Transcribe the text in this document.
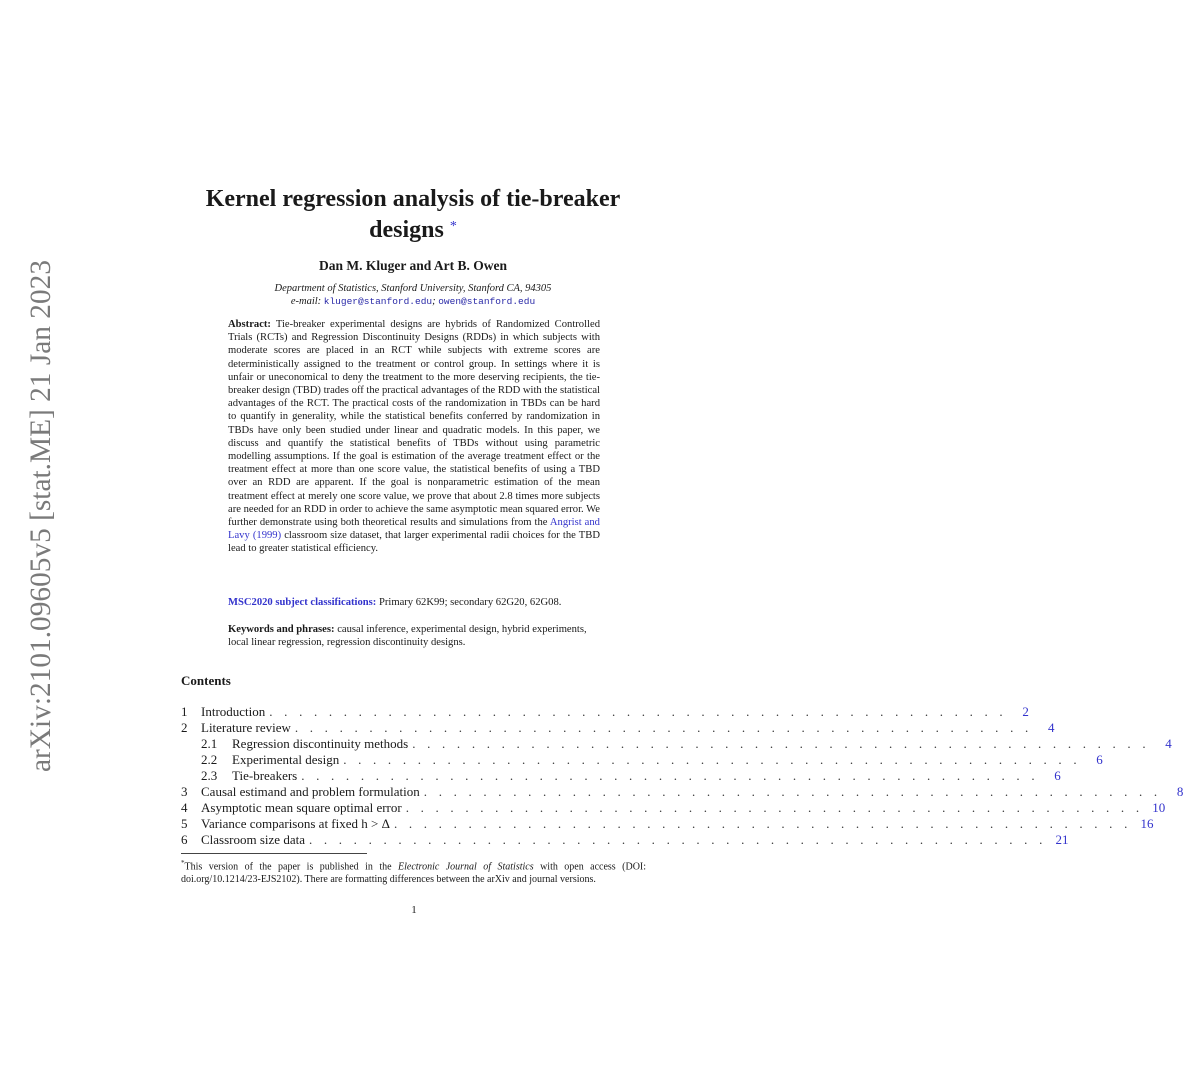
arXiv:2101.09605v5 [stat.ME] 21 Jan 2023
Kernel regression analysis of tie-breaker
designs *
Dan M. Kluger and Art B. Owen
Department of Statistics, Stanford University, Stanford CA, 94305
e-mail: kluger@stanford.edu; owen@stanford.edu
Abstract: Tie-breaker experimental designs are hybrids of Randomized Controlled Trials (RCTs) and Regression Discontinuity Designs (RDDs) in which subjects with moderate scores are placed in an RCT while subjects with extreme scores are deterministically assigned to the treatment or control group. In settings where it is unfair or uneconomical to deny the treatment to the more deserving recipients, the tie-breaker design (TBD) trades off the practical advantages of the RDD with the statistical advantages of the RCT. The practical costs of the randomization in TBDs can be hard to quantify in generality, while the statistical benefits conferred by randomization in TBDs have only been studied under linear and quadratic models. In this paper, we discuss and quantify the statistical benefits of TBDs without using parametric modelling assumptions. If the goal is estimation of the average treatment effect or the treatment effect at more than one score value, the statistical benefits of using a TBD over an RDD are apparent. If the goal is nonparametric estimation of the mean treatment effect at merely one score value, we prove that about 2.8 times more subjects are needed for an RDD in order to achieve the same asymptotic mean squared error. We further demonstrate using both theoretical results and simulations from the Angrist and Lavy (1999) classroom size dataset, that larger experimental radii choices for the TBD lead to greater statistical efficiency.
MSC2020 subject classifications: Primary 62K99; secondary 62G20, 62G08.
Keywords and phrases: causal inference, experimental design, hybrid experiments, local linear regression, regression discontinuity designs.
Contents
1	Introduction . . . . . . . . . . . . . . . . . . . . . . . . . . . . . . . . . . . . . . . . . . . . . . . . . .	2
2	Literature review . . . . . . . . . . . . . . . . . . . . . . . . . . . . . . . . . . . . . . . . . . . . . . . . . .	4
2.1	Regression discontinuity methods . . . . . . . . . . . . . . . . . . . . . . . . . . . . . . . . . . . . . . . . . . . . . . . . . .	4
2.2	Experimental design . . . . . . . . . . . . . . . . . . . . . . . . . . . . . . . . . . . . . . . . . . . . . . . . . .	6
2.3	Tie-breakers . . . . . . . . . . . . . . . . . . . . . . . . . . . . . . . . . . . . . . . . . . . . . . . . . .	6
3	Causal estimand and problem formulation . . . . . . . . . . . . . . . . . . . . . . . . . . . . . . . . . . . . . . . . . . . . . . . . . .	8
4	Asymptotic mean square optimal error . . . . . . . . . . . . . . . . . . . . . . . . . . . . . . . . . . . . . . . . . . . . . . . . . . 10
5	Variance comparisons at fixed h > Δ . . . . . . . . . . . . . . . . . . . . . . . . . . . . . . . . . . . . . . . . . . . . . . . . . . 16
6	Classroom size data . . . . . . . . . . . . . . . . . . . . . . . . . . . . . . . . . . . . . . . . . . . . . . . . . . 21
*This version of the paper is published in the Electronic Journal of Statistics with open access (DOI: doi.org/10.1214/23-EJS2102). There are formatting differences between the arXiv and journal versions.
1
